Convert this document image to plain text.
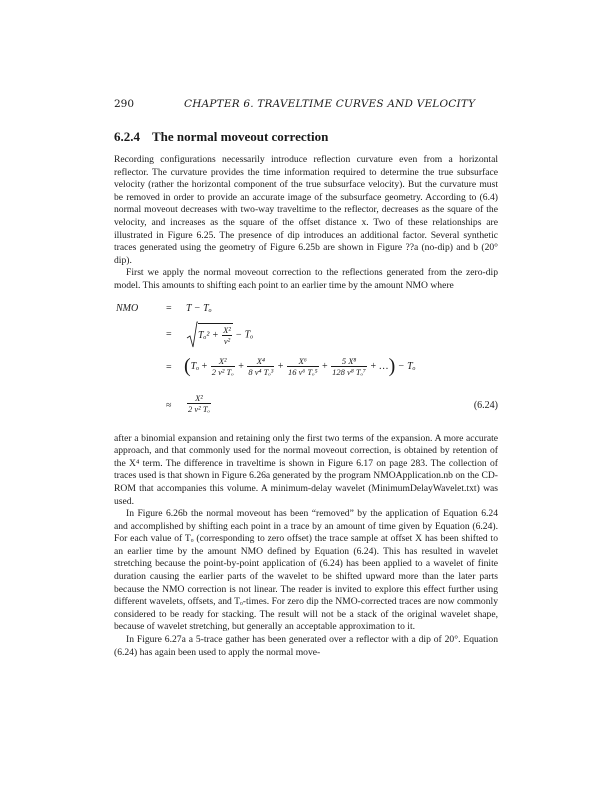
290	CHAPTER 6. TRAVELTIME CURVES AND VELOCITY
6.2.4 The normal moveout correction

Recording configurations necessarily introduce reflection curvature even from a horizontal reflector. The curvature provides the time information required to determine the true subsurface velocity (rather the horizontal component of the true subsurface velocity). But the curvature must be removed in order to provide an accurate image of the subsurface geometry. According to (6.4) normal moveout decreases with two-way traveltime to the reflector, decreases as the square of the velocity, and increases as the square of the offset distance x. Two of these relationships are illustrated in Figure 6.25. The presence of dip introduces an additional factor. Several synthetic traces generated using the geometry of Figure 6.25b are shown in Figure ??a (no-dip) and b (20° dip).

First we apply the normal moveout correction to the reflections generated from the zero-dip model. This amounts to shifting each point to an earlier time by the amount NMO where

NMO	= T − Tₒ
=	$T_o^2 + \frac{\text{X²}}{\text{v²}} - T_o$
= ($T_o + \frac{\text{X²}}{\text{2 v² Tₒ}} + \frac{\text{X⁴}}{\text{8 v⁴ Tₒ³}} + \frac{\text{X⁶}}{\text{16 v⁶ Tₒ⁵}} + \frac{\text{5 X⁸}}{\text{128 v⁸ Tₒ⁷}}$ + …) − Tₒ
≈ $\frac{\text{X²}}{\text{2 v² Tₒ}}$	(6.24)

after a binomial expansion and retaining only the first two terms of the expansion. A more accurate approach, and that commonly used for the normal moveout correction, is obtained by retention of the X⁴ term. The difference in traveltime is shown in Figure 6.17 on page 283. The collection of traces used is that shown in Figure 6.26a generated by the program NMOApplication.nb on the CD-ROM that accompanies this volume. A minimum-delay wavelet (MinimumDelayWavelet.txt) was used.

In Figure 6.26b the normal moveout has been “removed” by the application of Equation 6.24 and accomplished by shifting each point in a trace by an amount of time given by Equation (6.24). For each value of Tₒ (corresponding to zero offset) the trace sample at offset X has been shifted to an earlier time by the amount NMO defined by Equation (6.24). This has resulted in wavelet stretching because the point-by-point application of (6.24) has been applied to a wavelet of finite duration causing the earlier parts of the wavelet to be shifted upward more than the later parts because the NMO correction is not linear. The reader is invited to explore this effect further using different wavelets, offsets, and Tₒ-times. For zero dip the NMO-corrected traces are now commonly considered to be ready for stacking. The result will not be a stack of the original wavelet shape, because of wavelet stretching, but generally an acceptable approximation to it.

In Figure 6.27a a 5-trace gather has been generated over a reflector with a dip of 20°. Equation (6.24) has again been used to apply the normal move-
